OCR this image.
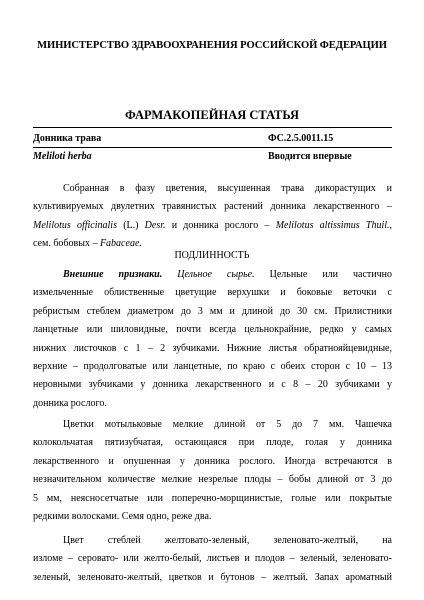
МИНИСТЕРСТВО ЗДРАВООХРАНЕНИЯ РОССИЙСКОЙ ФЕДЕРАЦИИ
ФАРМАКОПЕЙНАЯ СТАТЬЯ
Донника трава	ФС.2.5.0011.15
Meliloti herba	Вводится впервые
Собранная в фазу цветения, высушенная трава дикорастущих и
культивируемых двулетних травянистых растений донника лекарственного –
Melilotus officinalis (L.) Desr. и донника рослого – Melilotus altissimus Thuil.,
сем. бобовых – Fabaceae.
ПОДЛИННОСТЬ
Внешние признаки. Цельное сырье. Цельные или частично
измельченные облиственные цветущие верхушки и боковые веточки с
ребристым стеблем диаметром до 3 мм и длиной до 30 см. Прилистники
ланцетные или шиловидные, почти всегда цельнокрайние, редко у самых
нижних листочков с 1 – 2 зубчиками. Нижние листья обратнояйцевидные,
верхние – продолговатые или ланцетные, по краю с обеих сторон с 10 – 13
неровными зубчиками у донника лекарственного и с 8 – 20 зубчиками у
донника рослого.
Цветки мотыльковые мелкие длиной от 5 до 7 мм. Чашечка
колокольчатая пятизубчатая, остающаяся при плоде, голая у донника
лекарственного и опушенная у донника рослого. Иногда встречаются в
незначительном количестве мелкие незрелые плоды – бобы длиной от 3 до
5 мм, неясносетчатые или поперечно-морщинистые, голые или покрытые
редкими волосками. Семя одно, реже два.
Цвет стеблей желтовато-зеленый, зеленовато-желтый, на
изломе – серовато- или желто-белый, листьев и плодов – зеленый, зеленовато-
зеленый, зеленовато-желтый, цветков и бутонов – желтый. Запах ароматный
